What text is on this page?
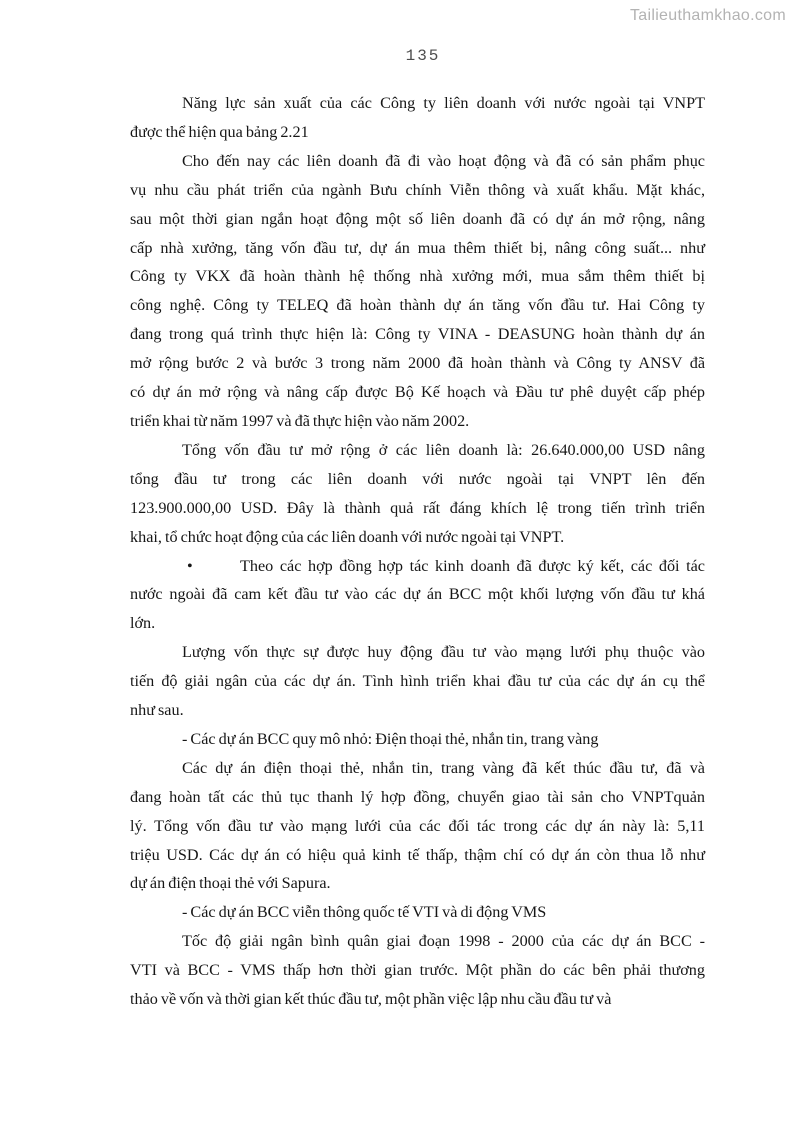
Tailieuthamkhao.com
135
Năng lực sản xuất của các Công ty liên doanh với nước ngoài tại VNPT
được thể hiện qua bảng 2.21
Cho đến nay các liên doanh đã đi vào hoạt động và đã có sản phẩm phục
vụ nhu cầu phát triển của ngành Bưu chính Viễn thông và xuất khẩu. Mặt khác,
sau một thời gian ngắn hoạt động một số liên doanh đã có dự án mở rộng, nâng
cấp nhà xưởng, tăng vốn đầu tư, dự án mua thêm thiết bị, nâng công suất... như
Công ty VKX đã hoàn thành hệ thống nhà xưởng mới, mua sắm thêm thiết bị
công nghệ. Công ty TELEQ đã hoàn thành dự án tăng vốn đầu tư. Hai Công ty
đang trong quá trình thực hiện là: Công ty VINA - DEASUNG hoàn thành dự án
mở rộng bước 2 và bước 3 trong năm 2000 đã hoàn thành và Công ty ANSV đã
có dự án mở rộng và nâng cấp được Bộ Kế hoạch và Đầu tư phê duyệt cấp phép
triển khai từ năm 1997 và đã thực hiện vào năm 2002.
Tổng vốn đầu tư mở rộng ở các liên doanh là: 26.640.000,00 USD nâng
tổng đầu tư trong các liên doanh với nước ngoài tại VNPT lên đến
123.900.000,00 USD. Đây là thành quả rất đáng khích lệ trong tiến trình triển
khai, tổ chức hoạt động của các liên doanh với nước ngoài tại VNPT.
•	Theo các hợp đồng hợp tác kinh doanh đã được ký kết, các đối tác
nước ngoài đã cam kết đầu tư vào các dự án BCC một khối lượng vốn đầu tư khá
lớn.
Lượng vốn thực sự được huy động đầu tư vào mạng lưới phụ thuộc vào
tiến độ giải ngân của các dự án. Tình hình triển khai đầu tư của các dự án cụ thể
như sau.
- Các dự án BCC quy mô nhỏ: Điện thoại thẻ, nhắn tin, trang vàng
Các dự án điện thoại thẻ, nhắn tin, trang vàng đã kết thúc đầu tư, đã và
đang hoàn tất các thủ tục thanh lý hợp đồng, chuyển giao tài sản cho VNPTquản
lý. Tổng vốn đầu tư vào mạng lưới của các đối tác trong các dự án này là: 5,11
triệu USD. Các dự án có hiệu quả kinh tế thấp, thậm chí có dự án còn thua lỗ như
dự án điện thoại thẻ với Sapura.
- Các dự án BCC viễn thông quốc tế VTI và di động VMS
Tốc độ giải ngân bình quân giai đoạn 1998 - 2000 của các dự án BCC -
VTI và BCC - VMS thấp hơn thời gian trước. Một phần do các bên phải thương
thảo về vốn và thời gian kết thúc đầu tư, một phần việc lập nhu cầu đầu tư và
